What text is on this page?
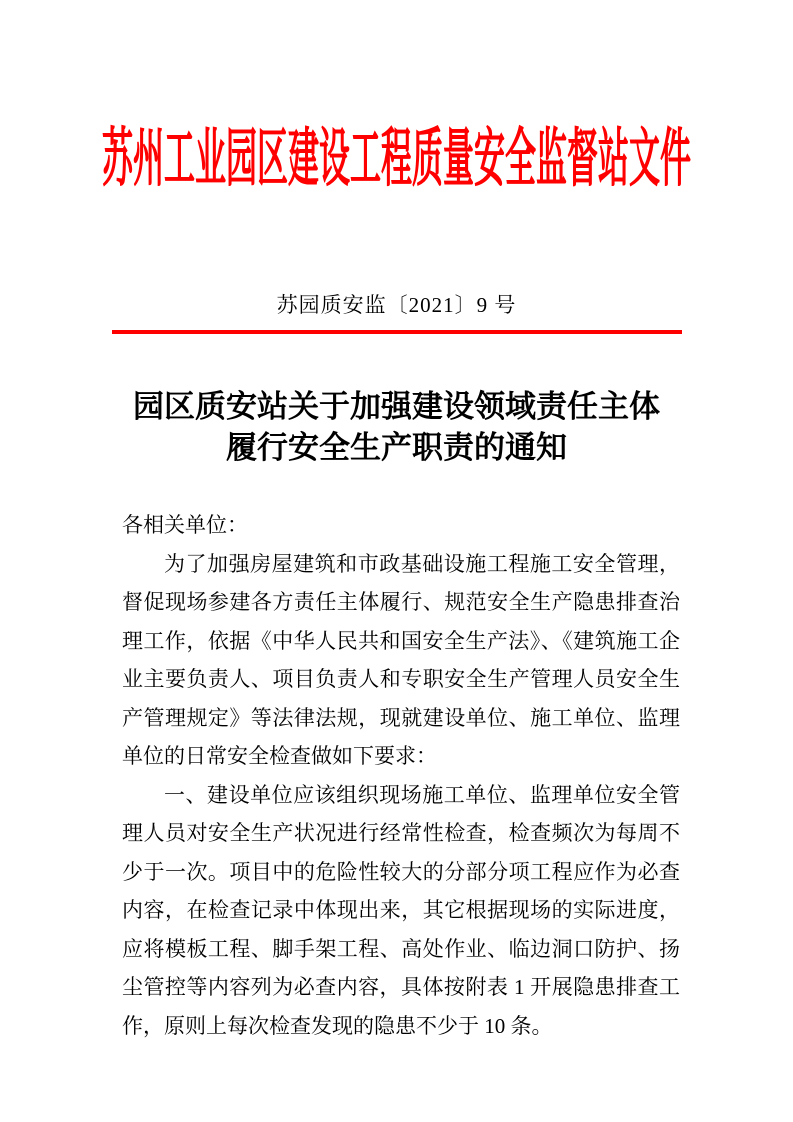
苏州工业园区建设工程质量安全监督站文件
苏园质安监〔2021〕9 号
园区质安站关于加强建设领域责任主体
履行安全生产职责的通知

各相关单位：

为了加强房屋建筑和市政基础设施工程施工安全管理，督促现场参建各方责任主体履行、规范安全生产隐患排查治理工作，依据《中华人民共和国安全生产法》、《建筑施工企业主要负责人、项目负责人和专职安全生产管理人员安全生产管理规定》等法律法规，现就建设单位、施工单位、监理单位的日常安全检查做如下要求：

一、建设单位应该组织现场施工单位、监理单位安全管理人员对安全生产状况进行经常性检查，检查频次为每周不少于一次。项目中的危险性较大的分部分项工程应作为必查内容，在检查记录中体现出来，其它根据现场的实际进度，应将模板工程、脚手架工程、高处作业、临边洞口防护、扬尘管控等内容列为必查内容，具体按附表 1 开展隐患排查工作，原则上每次检查发现的隐患不少于 10 条。
